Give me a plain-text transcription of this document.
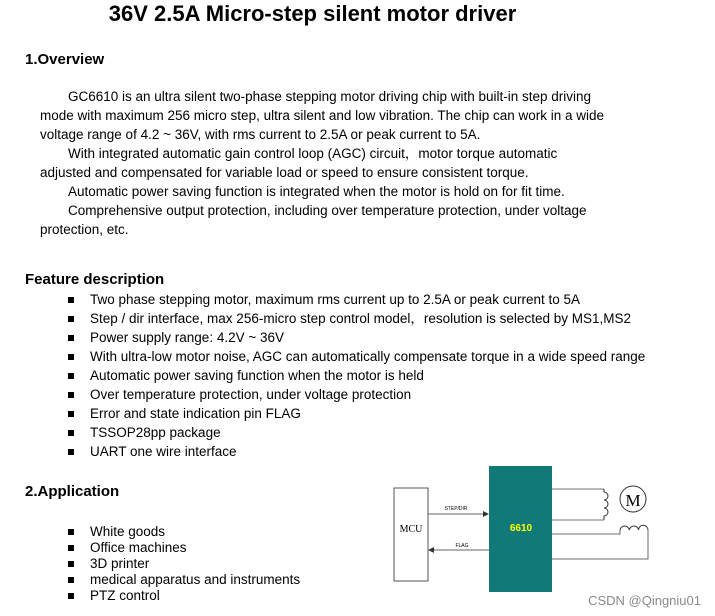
36V 2.5A Micro-step silent motor driver
1.Overview
GC6610 is an ultra silent two-phase stepping motor driving chip with built-in step driving
mode with maximum 256 micro step, ultra silent and low vibration. The chip can work in a wide
voltage range of 4.2 ~ 36V, with rms current to 2.5A or peak current to 5A.
With integrated automatic gain control loop (AGC) circuit，motor torque automatic
adjusted and compensated for variable load or speed to ensure consistent torque.
Automatic power saving function is integrated when the motor is hold on for fit time.
Comprehensive output protection, including over temperature protection, under voltage
protection, etc.
Feature description
Two phase stepping motor, maximum rms current up to 2.5A or peak current to 5A
Step / dir interface, max 256-micro step control model，resolution is selected by MS1,MS2
Power supply range: 4.2V ~ 36V
With ultra-low motor noise, AGC can automatically compensate torque in a wide speed range
Automatic power saving function when the motor is held
Over temperature protection, under voltage protection
Error and state indication pin FLAG
TSSOP28pp package
UART one wire interface
2.Application
White goods
Office machines
3D printer
medical apparatus and instruments
PTZ control
MCU
STEP/DIR
FLAG
6610
M
CSDN @Qingniu01
